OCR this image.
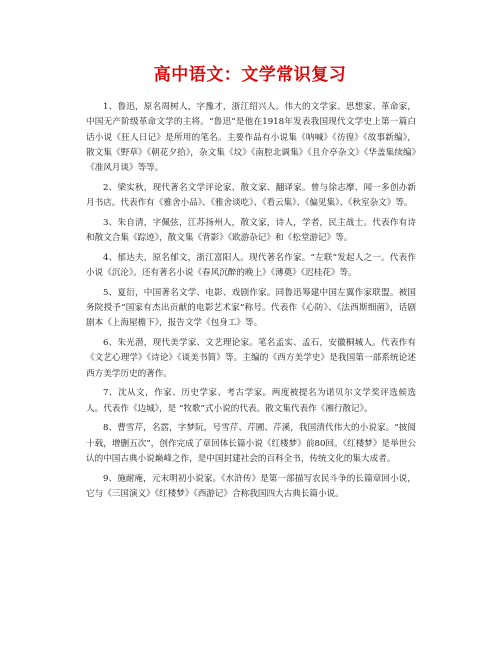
高中语文：文学常识复习

1、鲁迅，原名周树人，字豫才，浙江绍兴人。伟大的文学家、思想家、革命家，中国无产阶级革命文学的主将。“鲁迅”是他在1918年发表我国现代文学史上第一篇白话小说《狂人日记》是所用的笔名。主要作品有小说集《呐喊》《彷徨》《故事新编》，散文集《野草》《朝花夕拾》，杂文集《坟》《南腔北调集》《且介亭杂文》《华盖集续编》《准风月谈》等等。

2、梁实秋，现代著名文学评论家、散文家、翻译家。曾与徐志摩、闻一多创办新月书店。代表作有《雅舍小品》、《雅舍谈吃》、《看云集》、《偏见集》、《秋室杂文》等。

3、朱自清，字佩弦，江苏扬州人，散文家，诗人，学者，民主战士。代表作有诗和散文合集《踪迹》，散文集《背影》《欧游杂记》和《松堂游记》等。

4、郁达夫，原名郁文，浙江富阳人。现代著名作家。“左联”发起人之一。代表作小说《沉沦》。还有著名小说《春风沉醉的晚上》《薄奠》《迟桂花》等。

5、夏衍，中国著名文学、电影、戏剧作家。同鲁迅筹建中国左翼作家联盟。被国务院授予“国家有杰出贡献的电影艺术家”称号。代表作《心防》、《法西斯细菌》，话剧剧本《上海屋檐下》，报告文学《包身工》等。

6、朱光潜，现代美学家、文艺理论家。笔名孟实、孟石，安徽桐城人。代表作有《文艺心理学》《诗论》《谈美书简》等。主编的《西方美学史》是我国第一部系统论述西方美学历史的著作。

7、沈从文，作家、历史学家、考古学家。两度被提名为诺贝尔文学奖评选候选人。代表作《边城》，是 “牧歌”式小说的代表。散文集代表作《湘行散记》。

8、曹雪芹，名霑，字梦阮，号雪芹、芹圃、芹溪，我国清代伟大的小说家。“披阅十载，增删五次”，创作完成了章回体长篇小说《红楼梦》前80回。《红楼梦》是举世公认的中国古典小说巅峰之作，是中国封建社会的百科全书，传统文化的集大成者。

9、施耐庵，元末明初小说家。《水浒传》是第一部描写农民斗争的长篇章回小说，它与《三国演义》《红楼梦》《西游记》合称我国四大古典长篇小说。
